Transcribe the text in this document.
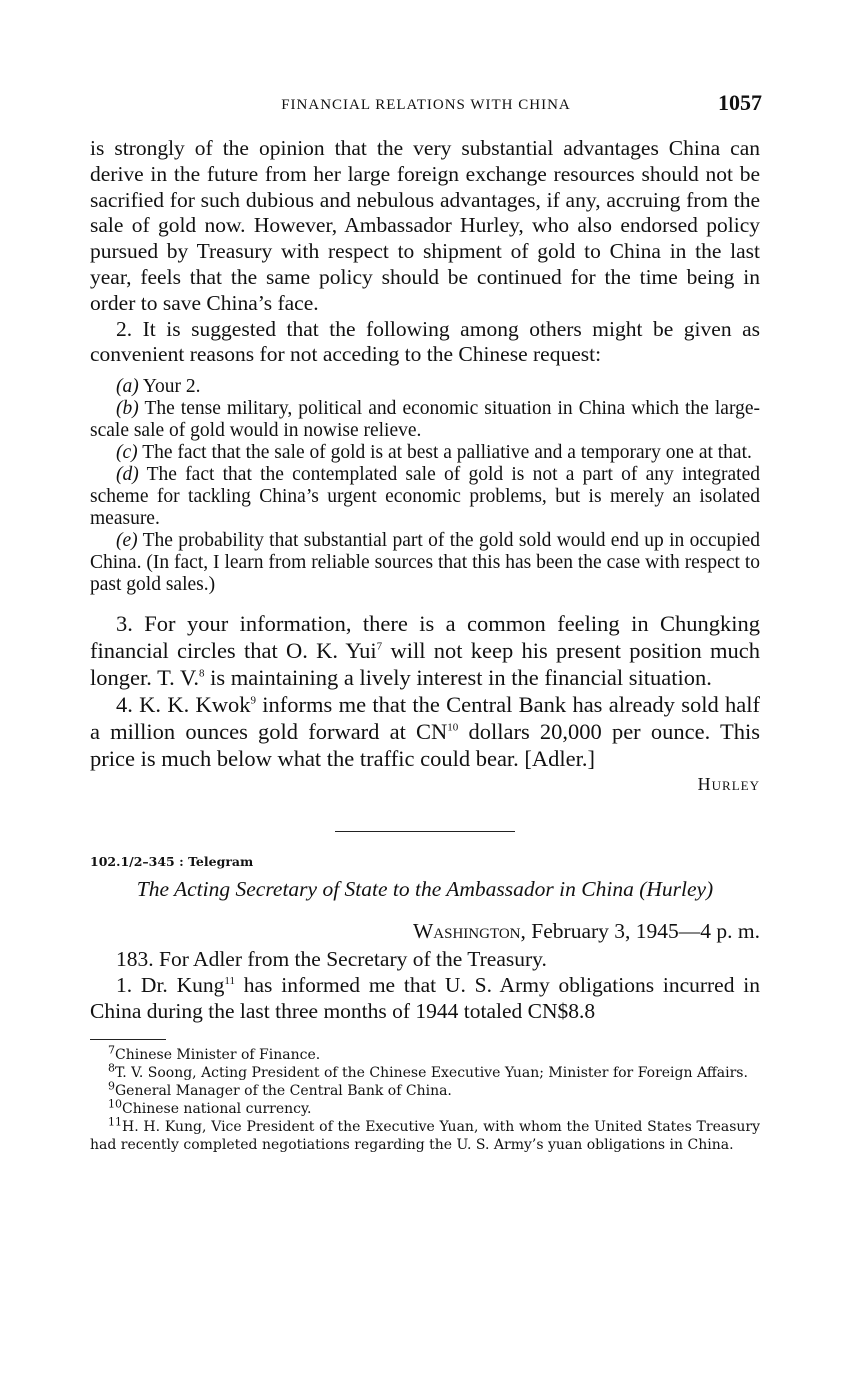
FINANCIAL RELATIONS WITH CHINA	1057

is strongly of the opinion that the very substantial advantages China can derive in the future from her large foreign exchange resources should not be sacrified for such dubious and nebulous advantages, if any, accruing from the sale of gold now. However, Ambassador Hurley, who also endorsed policy pursued by Treasury with respect to shipment of gold to China in the last year, feels that the same policy should be continued for the time being in order to save China’s face.

2. It is suggested that the following among others might be given as convenient reasons for not acceding to the Chinese request:

(a) Your 2.

(b) The tense military, political and economic situation in China which the large-scale sale of gold would in nowise relieve.

(c) The fact that the sale of gold is at best a palliative and a temporary one at that.

(d) The fact that the contemplated sale of gold is not a part of any integrated scheme for tackling China’s urgent economic problems, but is merely an isolated measure.

(e) The probability that substantial part of the gold sold would end up in occupied China. (In fact, I learn from reliable sources that this has been the case with respect to past gold sales.)

3. For your information, there is a common feeling in Chungking financial circles that O. K. Yui$^7$ will not keep his present position much longer. T. V.$^8$ is maintaining a lively interest in the financial situation.

4. K. K. Kwok$^9$ informs me that the Central Bank has already sold half a million ounces gold forward at CN$^{10}$ dollars 20,000 per ounce. This price is much below what the traffic could bear. [Adler.]

Hurley
102.1/2–345 : Telegram
The Acting Secretary of State to the Ambassador in China (Hurley)
Washington, February 3, 1945—4 p. m.

183. For Adler from the Secretary of the Treasury.

1. Dr. Kung$^{11}$ has informed me that U. S. Army obligations incurred in China during the last three months of 1944 totaled CN$8.8

$^7$Chinese Minister of Finance.

$^8$T. V. Soong, Acting President of the Chinese Executive Yuan; Minister for Foreign Affairs.

$^9$General Manager of the Central Bank of China.

$^{10}$Chinese national currency.

$^{11}$H. H. Kung, Vice President of the Executive Yuan, with whom the United States Treasury had recently completed negotiations regarding the U. S. Army’s yuan obligations in China.
